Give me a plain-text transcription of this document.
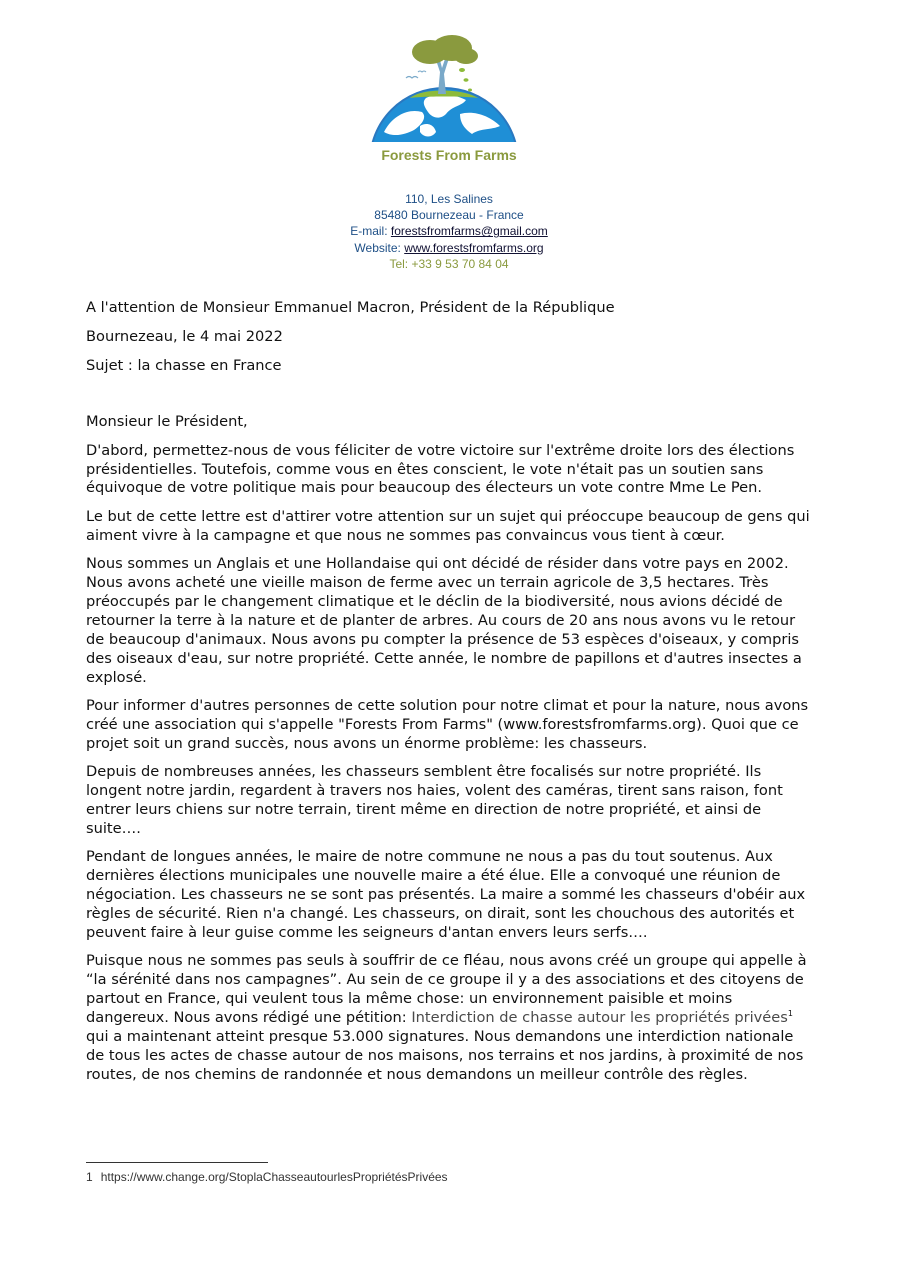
Forests From Farms
110, Les Salines
85480 Bournezeau - France
E-mail: forestsfromfarms@gmail.com
Website: www.forestsfromfarms.org
Tel: +33 9 53 70 84 04

A l'attention de Monsieur Emmanuel Macron, Président de la République

Bournezeau, le 4 mai 2022

Sujet : la chasse en France

Monsieur le Président,

D'abord, permettez-nous de vous féliciter de votre victoire sur l'extrême droite lors des élections présidentielles. Toutefois, comme vous en êtes conscient, le vote n'était pas un soutien sans équivoque de votre politique mais pour beaucoup des électeurs un vote contre Mme Le Pen.

Le but de cette lettre est d'attirer votre attention sur un sujet qui préoccupe beaucoup de gens qui aiment vivre à la campagne et que nous ne sommes pas convaincus vous tient à cœur.

Nous sommes un Anglais et une Hollandaise qui ont décidé de résider dans votre pays en 2002. Nous avons acheté une vieille maison de ferme avec un terrain agricole de 3,5 hectares. Très préoccupés par le changement climatique et le déclin de la biodiversité, nous avions décidé de retourner la terre à la nature et de planter de arbres. Au cours de 20 ans nous avons vu le retour de beaucoup d'animaux. Nous avons pu compter la présence de 53 espèces d'oiseaux, y compris des oiseaux d'eau, sur notre propriété. Cette année, le nombre de papillons et d'autres insectes a explosé.

Pour informer d'autres personnes de cette solution pour notre climat et pour la nature, nous avons créé une association qui s'appelle "Forests From Farms" (www.forestsfromfarms.org). Quoi que ce projet soit un grand succès, nous avons un énorme problème: les chasseurs.

Depuis de nombreuses années, les chasseurs semblent être focalisés sur notre propriété. Ils longent notre jardin, regardent à travers nos haies, volent des caméras, tirent sans raison, font entrer leurs chiens sur notre terrain, tirent même en direction de notre propriété, et ainsi de suite….

Pendant de longues années, le maire de notre commune ne nous a pas du tout soutenus. Aux dernières élections municipales une nouvelle maire a été élue. Elle a convoqué une réunion de négociation. Les chasseurs ne se sont pas présentés. La maire a sommé les chasseurs d'obéir aux règles de sécurité. Rien n'a changé. Les chasseurs, on dirait, sont les chouchous des autorités et peuvent faire à leur guise comme les seigneurs d'antan envers leurs serfs….

Puisque nous ne sommes pas seuls à souffrir de ce fléau, nous avons créé un groupe qui appelle à “la sérénité dans nos campagnes”. Au sein de ce groupe il y a des associations et des citoyens de partout en France, qui veulent tous la même chose: un environnement paisible et moins dangereux. Nous avons rédigé une pétition: Interdiction de chasse autour les propriétés privées$^1$ qui a maintenant atteint presque 53.000 signatures. Nous demandons une interdiction nationale de tous les actes de chasse autour de nos maisons, nos terrains et nos jardins, à proximité de nos routes, de nos chemins de randonnée et nous demandons un meilleur contrôle des règles.

1 https://www.change.org/StoplaChasseautourlesPropriétésPrivées
